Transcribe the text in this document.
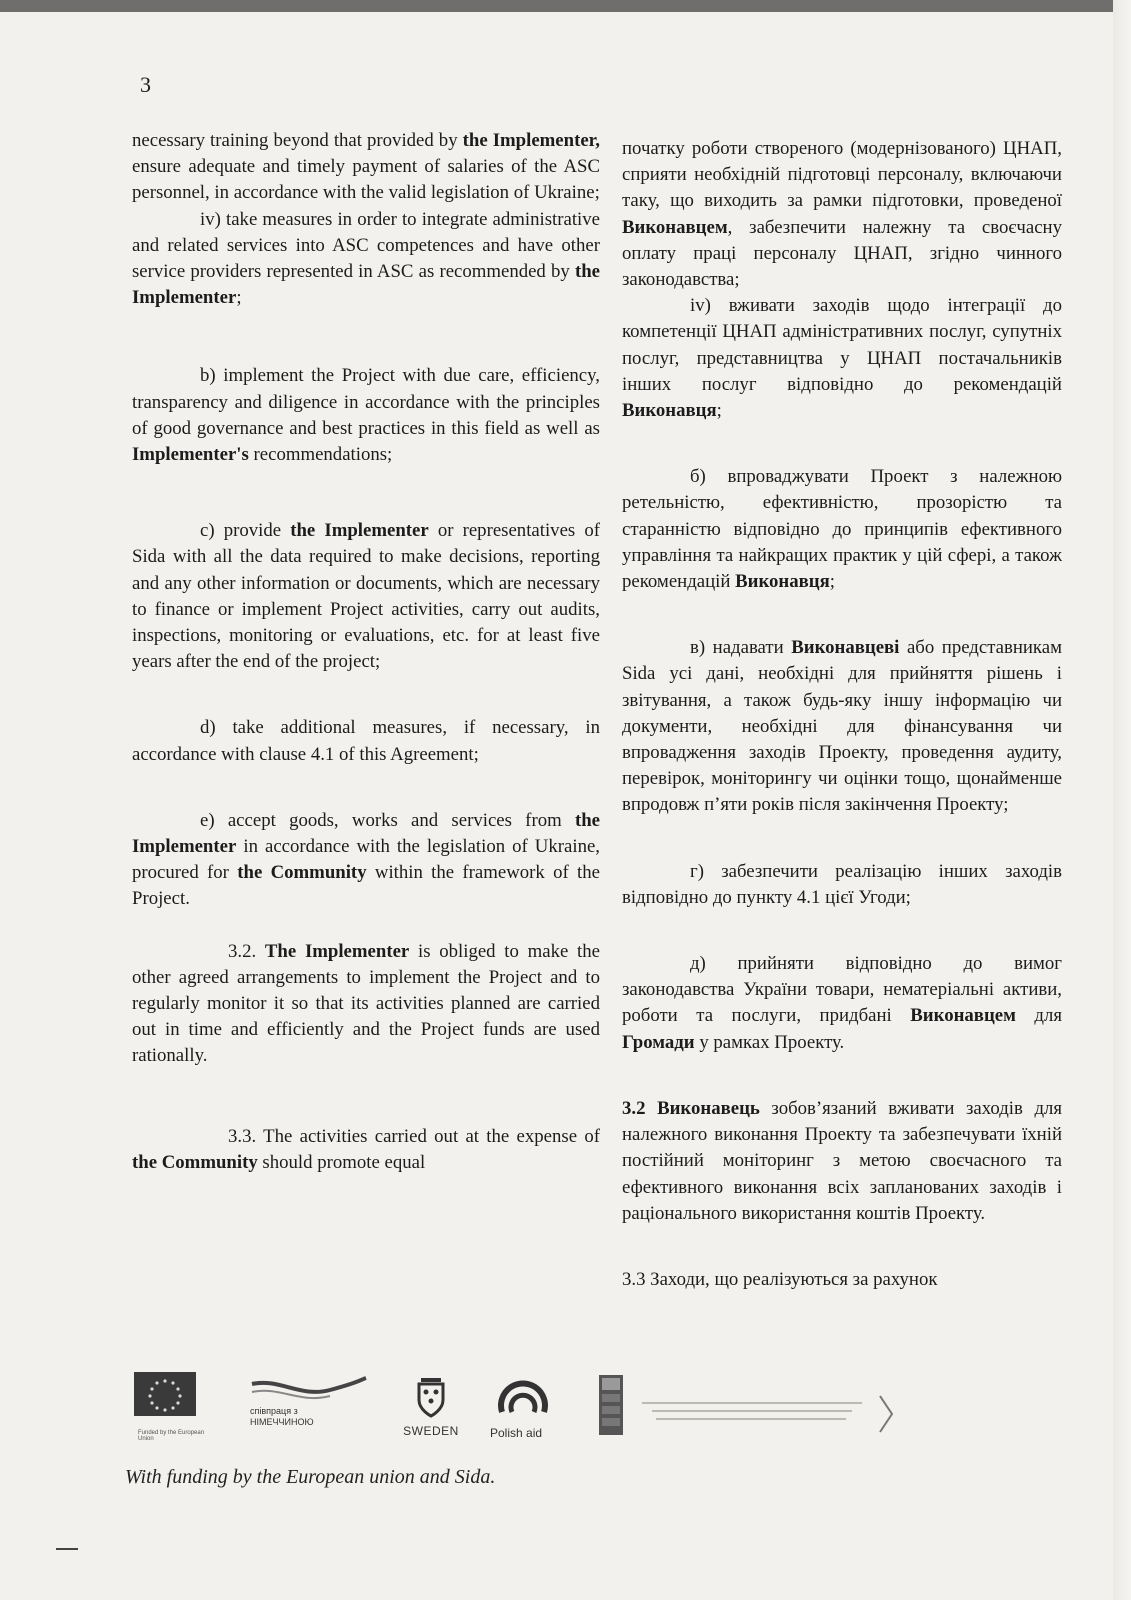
3

necessary training beyond that provided by the Implementer, ensure adequate and timely payment of salaries of the ASC personnel, in accordance with the valid legislation of Ukraine;

iv) take measures in order to integrate administrative and related services into ASC competences and have other service providers represented in ASC as recommended by the Implementer;

b) implement the Project with due care, efficiency, transparency and diligence in accordance with the principles of good governance and best practices in this field as well as Implementer's recommendations;

c) provide the Implementer or representatives of Sida with all the data required to make decisions, reporting and any other information or documents, which are necessary to finance or implement Project activities, carry out audits, inspections, monitoring or evaluations, etc. for at least five years after the end of the project;

d) take additional measures, if necessary, in accordance with clause 4.1 of this Agreement;

e) accept goods, works and services from the Implementer in accordance with the legislation of Ukraine, procured for the Community within the framework of the Project.

3.2. The Implementer is obliged to make the other agreed arrangements to implement the Project and to regularly monitor it so that its activities planned are carried out in time and efficiently and the Project funds are used rationally.

3.3. The activities carried out at the expense of the Community should promote equal

початку роботи створеного (модернізованого) ЦНАП, сприяти необхідній підготовці персоналу, включаючи таку, що виходить за рамки підготовки, проведеної Виконавцем, забезпечити належну та своєчасну оплату праці персоналу ЦНАП, згідно чинного законодавства;

iv) вживати заходів щодо інтеграції до компетенції ЦНАП адміністративних послуг, супутніх послуг, представництва у ЦНАП постачальників інших послуг відповідно до рекомендацій Виконавця;

б) впроваджувати Проект з належною ретельністю, ефективністю, прозорістю та старанністю відповідно до принципів ефективного управління та найкращих практик у цій сфері, а також рекомендацій Виконавця;

в) надавати Виконавцеві або представникам Sida усі дані, необхідні для прийняття рішень і звітування, а також будь-яку іншу інформацію чи документи, необхідні для фінансування чи впровадження заходів Проекту, проведення аудиту, перевірок, моніторингу чи оцінки тощо, щонайменше впродовж п’яти років після закінчення Проекту;

г) забезпечити реалізацію інших заходів відповідно до пункту 4.1 цієї Угоди;

д) прийняти відповідно до вимог законодавства України товари, нематеріальні активи, роботи та послуги, придбані Виконавцем для Громади у рамках Проекту.

3.2 Виконавець зобов’язаний вживати заходів для належного виконання Проекту та забезпечувати їхній постійний моніторинг з метою своєчасного та ефективного виконання всіх запланованих заходів і раціонального використання коштів Проекту.

3.3 Заходи, що реалізуються за рахунок

Funded by the European Union
співпраця з
НІМЕЧЧИНОЮ
SWEDEN	Polish aid
With funding by the European union and Sida.
